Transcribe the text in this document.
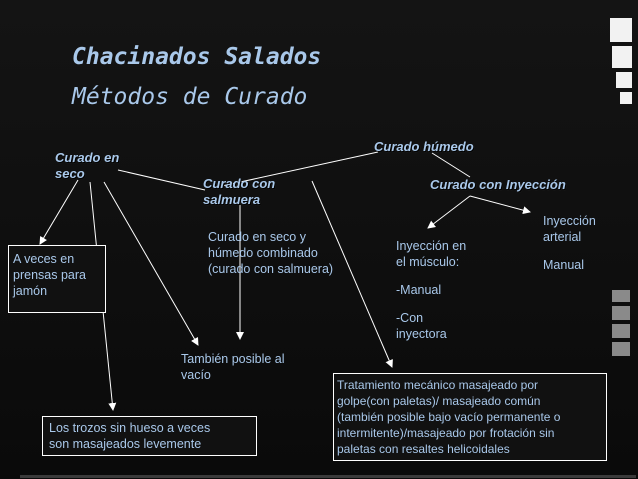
Chacinados Salados
Métodos de Curado
Curado en
seco
Curado con
salmuera
Curado húmedo
Curado con Inyección
Curado en seco y
húmedo combinado
(curado con salmuera)
Inyección en
el músculo:
-Manual
-Con
inyectora
Inyección
arterial
Manual
También posible al
vacío
A veces en
prensas para
jamón
Los trozos sin hueso a veces
son masajeados levemente
Tratamiento mecánico masajeado por
golpe(con paletas)/ masajeado común
(también posible bajo vacío permanente o
intermitente)/masajeado por frotación sin
paletas con resaltes helicoidales
